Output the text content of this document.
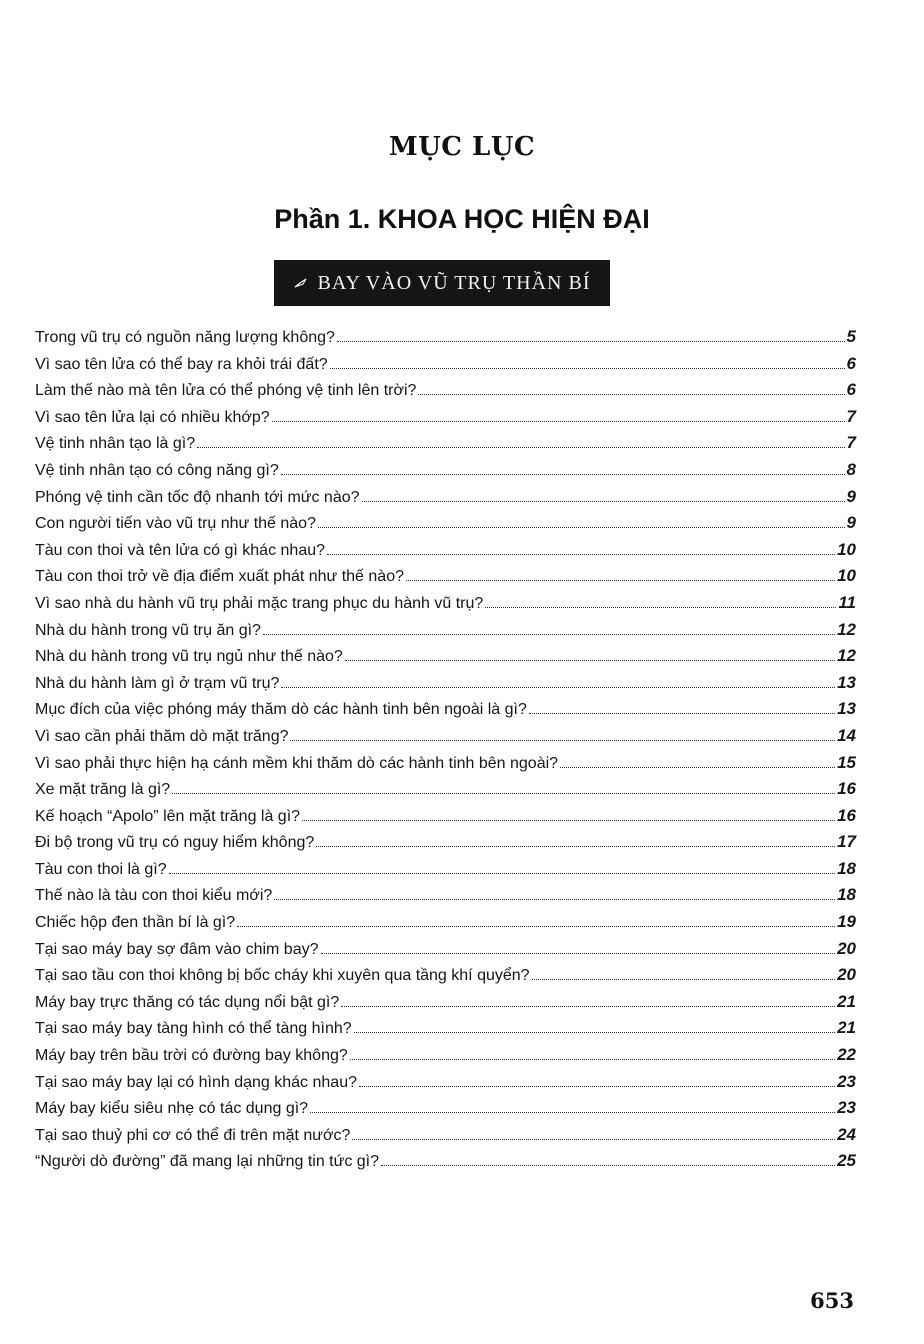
MỤC LỤC
Phần 1. KHOA HỌC HIỆN ĐẠI
BAY VÀO VŨ TRỤ THẦN BÍ
Trong vũ trụ có nguồn năng lượng không?	5
Vì sao tên lửa có thể bay ra khỏi trái đất?	6
Làm thế nào mà tên lửa có thể phóng vệ tinh lên trời?	6
Vì sao tên lửa lại có nhiều khớp?	7
Vệ tinh nhân tạo là gì?	7
Vệ tinh nhân tạo có công năng gì?	8
Phóng vệ tinh cần tốc độ nhanh tới mức nào?	9
Con người tiến vào vũ trụ như thế nào?	9
Tàu con thoi và tên lửa có gì khác nhau?	10
Tàu con thoi trở về địa điểm xuất phát như thế nào?	10
Vì sao nhà du hành vũ trụ phải mặc trang phục du hành vũ trụ?	11
Nhà du hành trong vũ trụ ăn gì?	12
Nhà du hành trong vũ trụ ngủ như thế nào?	12
Nhà du hành làm gì ở trạm vũ trụ?	13
Mục đích của việc phóng máy thăm dò các hành tinh bên ngoài là gì?	13
Vì sao cần phải thăm dò mặt trăng?	14
Vì sao phải thực hiện hạ cánh mềm khi thăm dò các hành tinh bên ngoài?	15
Xe mặt trăng là gì?	16
Kế hoạch “Apolo” lên mặt trăng là gì?	16
Đi bộ trong vũ trụ có nguy hiểm không?	17
Tàu con thoi là gì?	18
Thế nào là tàu con thoi kiểu mới?	18
Chiếc hộp đen thần bí là gì?	19
Tại sao máy bay sợ đâm vào chim bay?	20
Tại sao tầu con thoi không bị bốc cháy khi xuyên qua tầng khí quyển?	20
Máy bay trực thăng có tác dụng nổi bật gì?	21
Tại sao máy bay tàng hình có thể tàng hình?	21
Máy bay trên bầu trời có đường bay không?	22
Tại sao máy bay lại có hình dạng khác nhau?	23
Máy bay kiểu siêu nhẹ có tác dụng gì?	23
Tại sao thuỷ phi cơ có thể đi trên mặt nước?	24
“Người dò đường” đã mang lại những tin tức gì?	25
653
